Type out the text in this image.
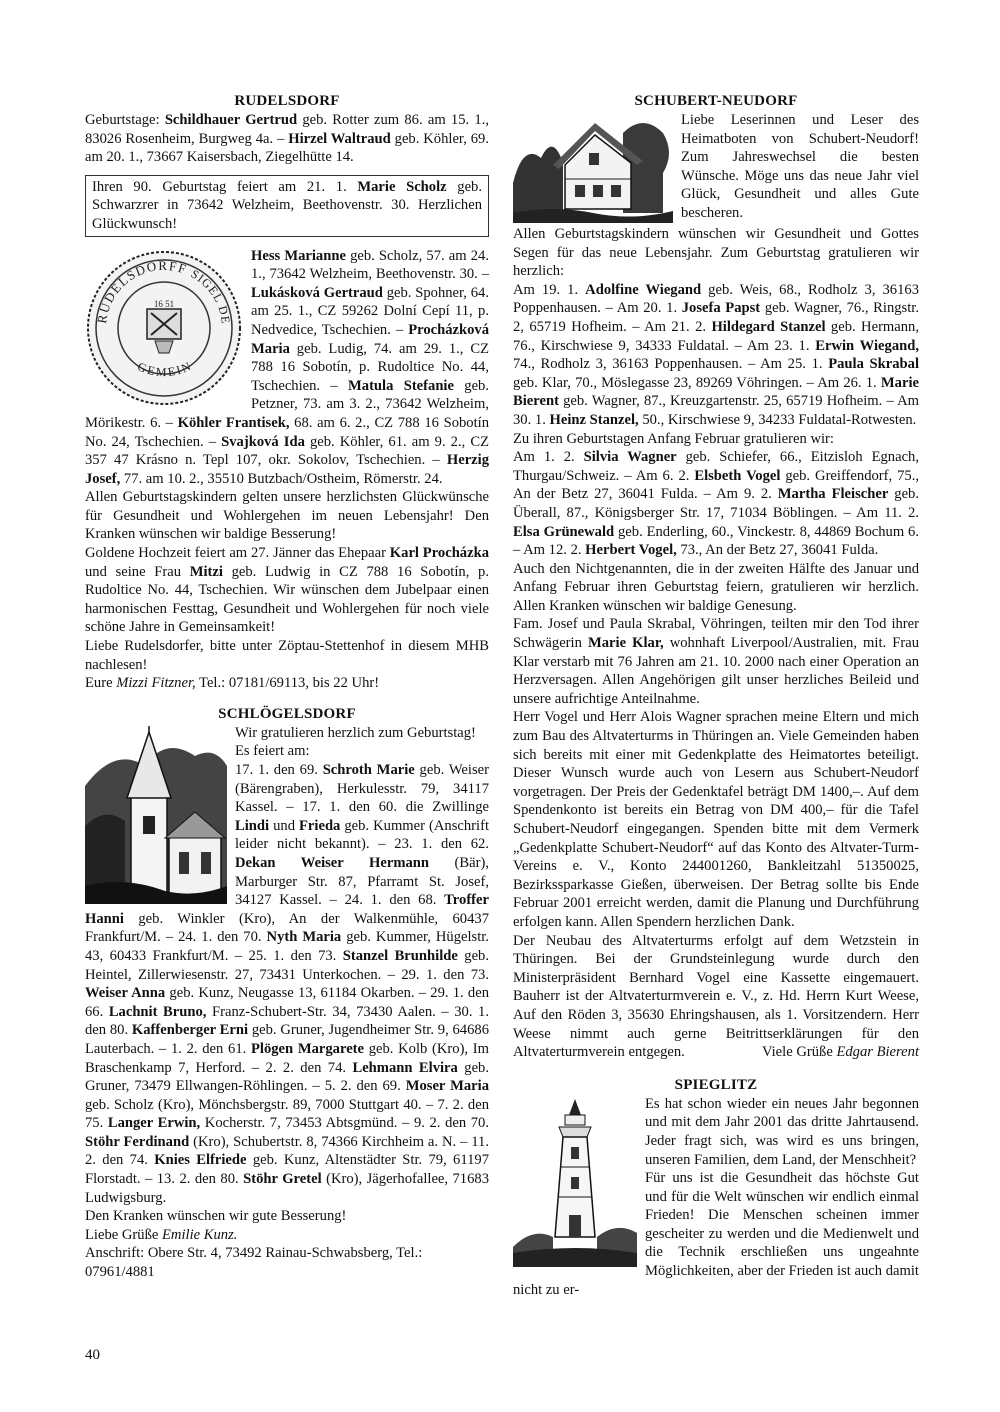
RUDELSDORF

Geburtstage: Schildhauer Gertrud geb. Rotter zum 86. am 15. 1., 83026 Rosenheim, Burgweg 4a. – Hirzel Waltraud geb. Köhler, 69. am 20. 1., 73667 Kaisersbach, Ziegelhütte 14.

Ihren 90. Geburtstag feiert am 21. 1. Marie Scholz geb. Schwarzrer in 73642 Welzheim, Beethovenstr. 30. Herzlichen Glückwunsch!
RUDELSDORFF SIGEL DE
GEMEIN
16 51

Hess Marianne geb. Scholz, 57. am 24. 1., 73642 Welzheim, Beethovenstr. 30. – Lukásková Gertraud geb. Spohner, 64. am 25. 1., CZ 59262 Dolní Cepí 11, p. Nedvedice, Tschechien. – Procházková Maria geb. Ludig, 74. am 29. 1., CZ 788 16 Sobotín, p. Rudoltice No. 44, Tschechien. – Matula Stefanie geb. Petzner, 73. am 3. 2., 73642 Welzheim, Mörikestr. 6. – Köhler Frantisek, 68. am 6. 2., CZ 788 16 Sobotín No. 24, Tschechien. – Svajková Ida geb. Köhler, 61. am 9. 2., CZ 357 47 Krásno n. Tepl 107, okr. Sokolov, Tschechien. – Herzig Josef, 77. am 10. 2., 35510 Butzbach/Ostheim, Römerstr. 24.

Allen Geburtstagskindern gelten unsere herzlichsten Glückwünsche für Gesundheit und Wohlergehen im neuen Lebensjahr! Den Kranken wünschen wir baldige Besserung!

Goldene Hochzeit feiert am 27. Jänner das Ehepaar Karl Procházka und seine Frau Mitzi geb. Ludwig in CZ 788 16 Sobotín, p. Rudoltice No. 44, Tschechien. Wir wünschen dem Jubelpaar einen harmonischen Festtag, Gesundheit und Wohlergehen für noch viele schöne Jahre in Gemeinsamkeit!

Liebe Rudelsdorfer, bitte unter Zöptau-Stettenhof in diesem MHB nachlesen!

Eure Mizzi Fitzner, Tel.: 07181/69113, bis 22 Uhr!

SCHLÖGELSDORF

Wir gratulieren herzlich zum Geburtstag!

Es feiert am:

17. 1. den 69. Schroth Marie geb. Weiser (Bärengraben), Herkulesstr. 79, 34117 Kassel. – 17. 1. den 60. die Zwillinge Lindi und Frieda geb. Kummer (Anschrift leider nicht bekannt). – 23. 1. den 62. Dekan Weiser Hermann (Bär), Marburger Str. 87, Pfarramt St. Josef, 34127 Kassel. – 24. 1. den 68. Troffer Hanni geb. Winkler (Kro), An der Walkenmühle, 60437 Frankfurt/M. – 24. 1. den 70. Nyth Maria geb. Kummer, Hügelstr. 43, 60433 Frankfurt/M. – 25. 1. den 73. Stanzel Brunhilde geb. Heintel, Zillerwiesenstr. 27, 73431 Unterkochen. – 29. 1. den 73. Weiser Anna geb. Kunz, Neugasse 13, 61184 Okarben. – 29. 1. den 66. Lachnit Bruno, Franz-Schubert-Str. 34, 73430 Aalen. – 30. 1. den 80. Kaffenberger Erni geb. Gruner, Jugendheimer Str. 9, 64686 Lauterbach. – 1. 2. den 61. Plögen Margarete geb. Kolb (Kro), Im Braschenkamp 7, Herford. – 2. 2. den 74. Lehmann Elvira geb. Gruner, 73479 Ellwangen-Röhlingen. – 5. 2. den 69. Moser Maria geb. Scholz (Kro), Mönchsbergstr. 89, 7000 Stuttgart 40. – 7. 2. den 75. Langer Erwin, Kocherstr. 7, 73453 Abtsgmünd. – 9. 2. den 70. Stöhr Ferdinand (Kro), Schubertstr. 8, 74366 Kirchheim a. N. – 11. 2. den 74. Knies Elfriede geb. Kunz, Altenstädter Str. 79, 61197 Florstadt. – 13. 2. den 80. Stöhr Gretel (Kro), Jägerhofallee, 71683 Ludwigsburg.

Den Kranken wünschen wir gute Besserung!

Liebe Grüße Emilie Kunz.

Anschrift: Obere Str. 4, 73492 Rainau-Schwabsberg, Tel.: 07961/4881

SCHUBERT-NEUDORF

Liebe Leserinnen und Leser des Heimatboten von Schubert-Neudorf! Zum Jahreswechsel die besten Wünsche. Möge uns das neue Jahr viel Glück, Gesundheit und alles Gute bescheren.

Allen Geburtstagskindern wünschen wir Gesundheit und Gottes Segen für das neue Lebensjahr. Zum Geburtstag gratulieren wir herzlich:

Am 19. 1. Adolfine Wiegand geb. Weis, 68., Rodholz 3, 36163 Poppenhausen. – Am 20. 1. Josefa Papst geb. Wagner, 76., Ringstr. 2, 65719 Hofheim. – Am 21. 2. Hildegard Stanzel geb. Hermann, 76., Kirschwiese 9, 34333 Fuldatal. – Am 23. 1. Erwin Wiegand, 74., Rodholz 3, 36163 Poppenhausen. – Am 25. 1. Paula Skrabal geb. Klar, 70., Möslegasse 23, 89269 Vöhringen. – Am 26. 1. Marie Bierent geb. Wagner, 87., Kreuzgartenstr. 25, 65719 Hofheim. – Am 30. 1. Heinz Stanzel, 50., Kirschwiese 9, 34233 Fuldatal-Rotwesten.

Zu ihren Geburtstagen Anfang Februar gratulieren wir:

Am 1. 2. Silvia Wagner geb. Schiefer, 66., Eitzisloh Egnach, Thurgau/Schweiz. – Am 6. 2. Elsbeth Vogel geb. Greiffendorf, 75., An der Betz 27, 36041 Fulda. – Am 9. 2. Martha Fleischer geb. Überall, 87., Königsberger Str. 17, 71034 Böblingen. – Am 11. 2. Elsa Grünewald geb. Enderling, 60., Vinckestr. 8, 44869 Bochum 6. – Am 12. 2. Herbert Vogel, 73., An der Betz 27, 36041 Fulda.

Auch den Nichtgenannten, die in der zweiten Hälfte des Januar und Anfang Februar ihren Geburtstag feiern, gratulieren wir herzlich. Allen Kranken wünschen wir baldige Genesung.

Fam. Josef und Paula Skrabal, Vöhringen, teilten mir den Tod ihrer Schwägerin Marie Klar, wohnhaft Liverpool/Australien, mit. Frau Klar verstarb mit 76 Jahren am 21. 10. 2000 nach einer Operation an Herzversagen. Allen Angehörigen gilt unser herzliches Beileid und unsere aufrichtige Anteilnahme.

Herr Vogel und Herr Alois Wagner sprachen meine Eltern und mich zum Bau des Altvaterturms in Thüringen an. Viele Gemeinden haben sich bereits mit einer mit Gedenkplatte des Heimatortes beteiligt. Dieser Wunsch wurde auch von Lesern aus Schubert-Neudorf vorgetragen. Der Preis der Gedenktafel beträgt DM 1400,–. Auf dem Spendenkonto ist bereits ein Betrag von DM 400,– für die Tafel Schubert-Neudorf eingegangen. Spenden bitte mit dem Vermerk „Gedenkplatte Schubert-Neudorf“ auf das Konto des Altvater-Turm-Vereins e. V., Konto 244001260, Bankleitzahl 51350025, Bezirkssparkasse Gießen, überweisen. Der Betrag sollte bis Ende Februar 2001 erreicht werden, damit die Planung und Durchführung erfolgen kann. Allen Spendern herzlichen Dank.

Der Neubau des Altvaterturms erfolgt auf dem Wetzstein in Thüringen. Bei der Grundsteinlegung wurde durch den Ministerpräsident Bernhard Vogel eine Kassette eingemauert. Bauherr ist der Altvaterturmverein e. V., z. Hd. Herrn Kurt Weese, Auf den Röden 3, 35630 Ehringshausen, als 1. Vorsitzendern. Herr Weese nimmt auch gerne Beitrittserklärungen für den Altvaterturmverein entgegen.	Viele Grüße Edgar Bierent

SPIEGLITZ

Es hat schon wieder ein neues Jahr begonnen und mit dem Jahr 2001 das dritte Jahrtausend. Jeder fragt sich, was wird es uns bringen, unseren Familien, dem Land, der Menschheit?

Für uns ist die Gesundheit das höchste Gut und für die Welt wünschen wir endlich einmal Frieden! Die Menschen scheinen immer gescheiter zu werden und die Medienwelt und die Technik erschließen uns ungeahnte Möglichkeiten, aber der Frieden ist auch damit nicht zu er-

40
